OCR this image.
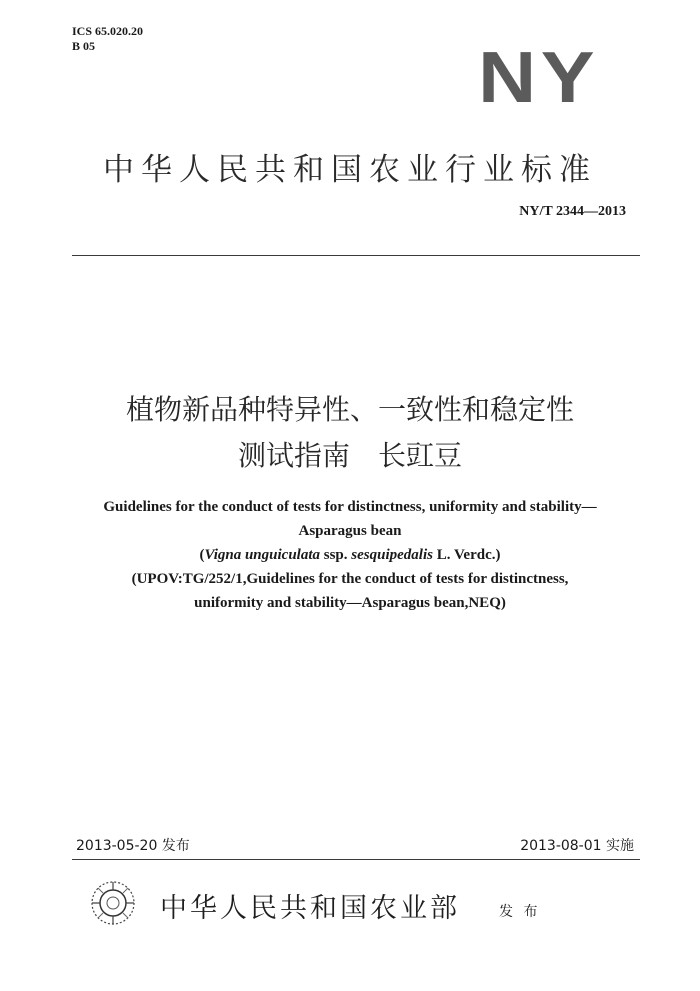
ICS 65.020.20
B 05	NY
中华人民共和国农业行业标准
NY/T 2344—2013
植物新品种特异性、一致性和稳定性
测试指南　长豇豆
Guidelines for the conduct of tests for distinctness, uniformity and stability—
Asparagus bean
(Vigna unguiculata ssp. sesquipedalis L. Verdc.)
(UPOV:TG/252/1,Guidelines for the conduct of tests for distinctness,
uniformity and stability—Asparagus bean,NEQ)
2013-05-20 发布	2013-08-01 实施
中华人民共和国农业部	发 布
